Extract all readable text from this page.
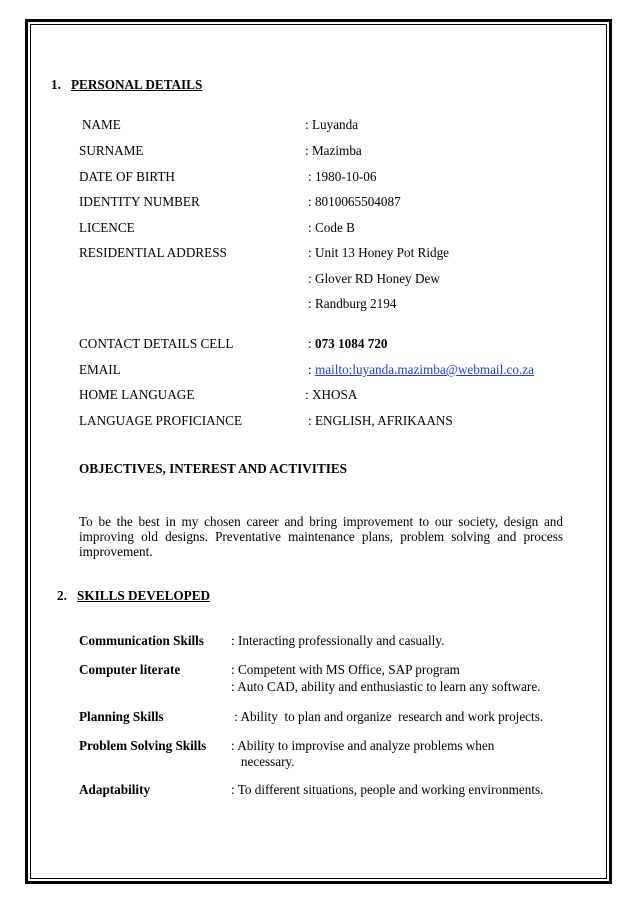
1. PERSONAL DETAILS
NAME	: Luyanda
SURNAME	: Mazimba
DATE OF BIRTH	: 1980-10-06
IDENTITY NUMBER	: 8010065504087
LICENCE	: Code B
RESIDENTIAL ADDRESS	: Unit 13 Honey Pot Ridge
: Glover RD Honey Dew
: Randburg 2194
CONTACT DETAILS CELL	: 073 1084 720
EMAIL	: mailto:luyanda.mazimba@webmail.co.za
HOME LANGUAGE	: XHOSA
LANGUAGE PROFICIANCE	: ENGLISH, AFRIKAANS
OBJECTIVES, INTEREST AND ACTIVITIES
To be the best in my chosen career and bring improvement to our society, design and
improving old designs. Preventative maintenance plans, problem solving and process
improvement.
2. SKILLS DEVELOPED
Communication Skills : Interacting professionally and casually.
Computer literate	: Competent with MS Office, SAP program
: Auto CAD, ability and enthusiastic to learn any software.
Planning Skills	: Ability  to plan and organize  research and work projects.
Problem Solving Skills : Ability to improvise and analyze problems when
necessary.
Adaptability	: To different situations, people and working environments.
